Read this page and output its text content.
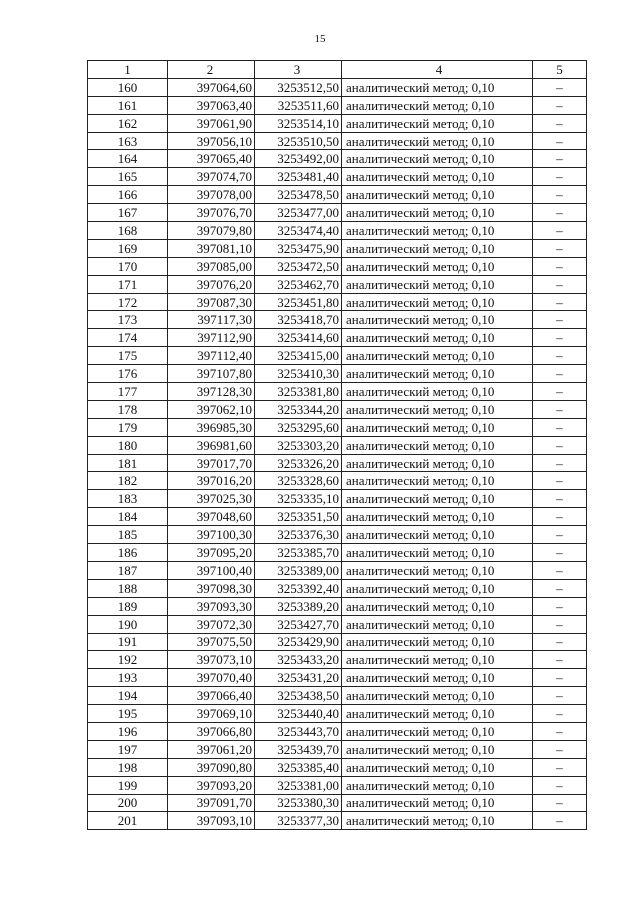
15
1	2	3	4	5
160	397064,60	3253512,50	аналитический метод; 0,10	–
161	397063,40	3253511,60	аналитический метод; 0,10	–
162	397061,90	3253514,10	аналитический метод; 0,10	–
163	397056,10	3253510,50	аналитический метод; 0,10	–
164	397065,40	3253492,00	аналитический метод; 0,10	–
165	397074,70	3253481,40	аналитический метод; 0,10	–
166	397078,00	3253478,50	аналитический метод; 0,10	–
167	397076,70	3253477,00	аналитический метод; 0,10	–
168	397079,80	3253474,40	аналитический метод; 0,10	–
169	397081,10	3253475,90	аналитический метод; 0,10	–
170	397085,00	3253472,50	аналитический метод; 0,10	–
171	397076,20	3253462,70	аналитический метод; 0,10	–
172	397087,30	3253451,80	аналитический метод; 0,10	–
173	397117,30	3253418,70	аналитический метод; 0,10	–
174	397112,90	3253414,60	аналитический метод; 0,10	–
175	397112,40	3253415,00	аналитический метод; 0,10	–
176	397107,80	3253410,30	аналитический метод; 0,10	–
177	397128,30	3253381,80	аналитический метод; 0,10	–
178	397062,10	3253344,20	аналитический метод; 0,10	–
179	396985,30	3253295,60	аналитический метод; 0,10	–
180	396981,60	3253303,20	аналитический метод; 0,10	–
181	397017,70	3253326,20	аналитический метод; 0,10	–
182	397016,20	3253328,60	аналитический метод; 0,10	–
183	397025,30	3253335,10	аналитический метод; 0,10	–
184	397048,60	3253351,50	аналитический метод; 0,10	–
185	397100,30	3253376,30	аналитический метод; 0,10	–
186	397095,20	3253385,70	аналитический метод; 0,10	–
187	397100,40	3253389,00	аналитический метод; 0,10	–
188	397098,30	3253392,40	аналитический метод; 0,10	–
189	397093,30	3253389,20	аналитический метод; 0,10	–
190	397072,30	3253427,70	аналитический метод; 0,10	–
191	397075,50	3253429,90	аналитический метод; 0,10	–
192	397073,10	3253433,20	аналитический метод; 0,10	–
193	397070,40	3253431,20	аналитический метод; 0,10	–
194	397066,40	3253438,50	аналитический метод; 0,10	–
195	397069,10	3253440,40	аналитический метод; 0,10	–
196	397066,80	3253443,70	аналитический метод; 0,10	–
197	397061,20	3253439,70	аналитический метод; 0,10	–
198	397090,80	3253385,40	аналитический метод; 0,10	–
199	397093,20	3253381,00	аналитический метод; 0,10	–
200	397091,70	3253380,30	аналитический метод; 0,10	–
201	397093,10	3253377,30	аналитический метод; 0,10	–
